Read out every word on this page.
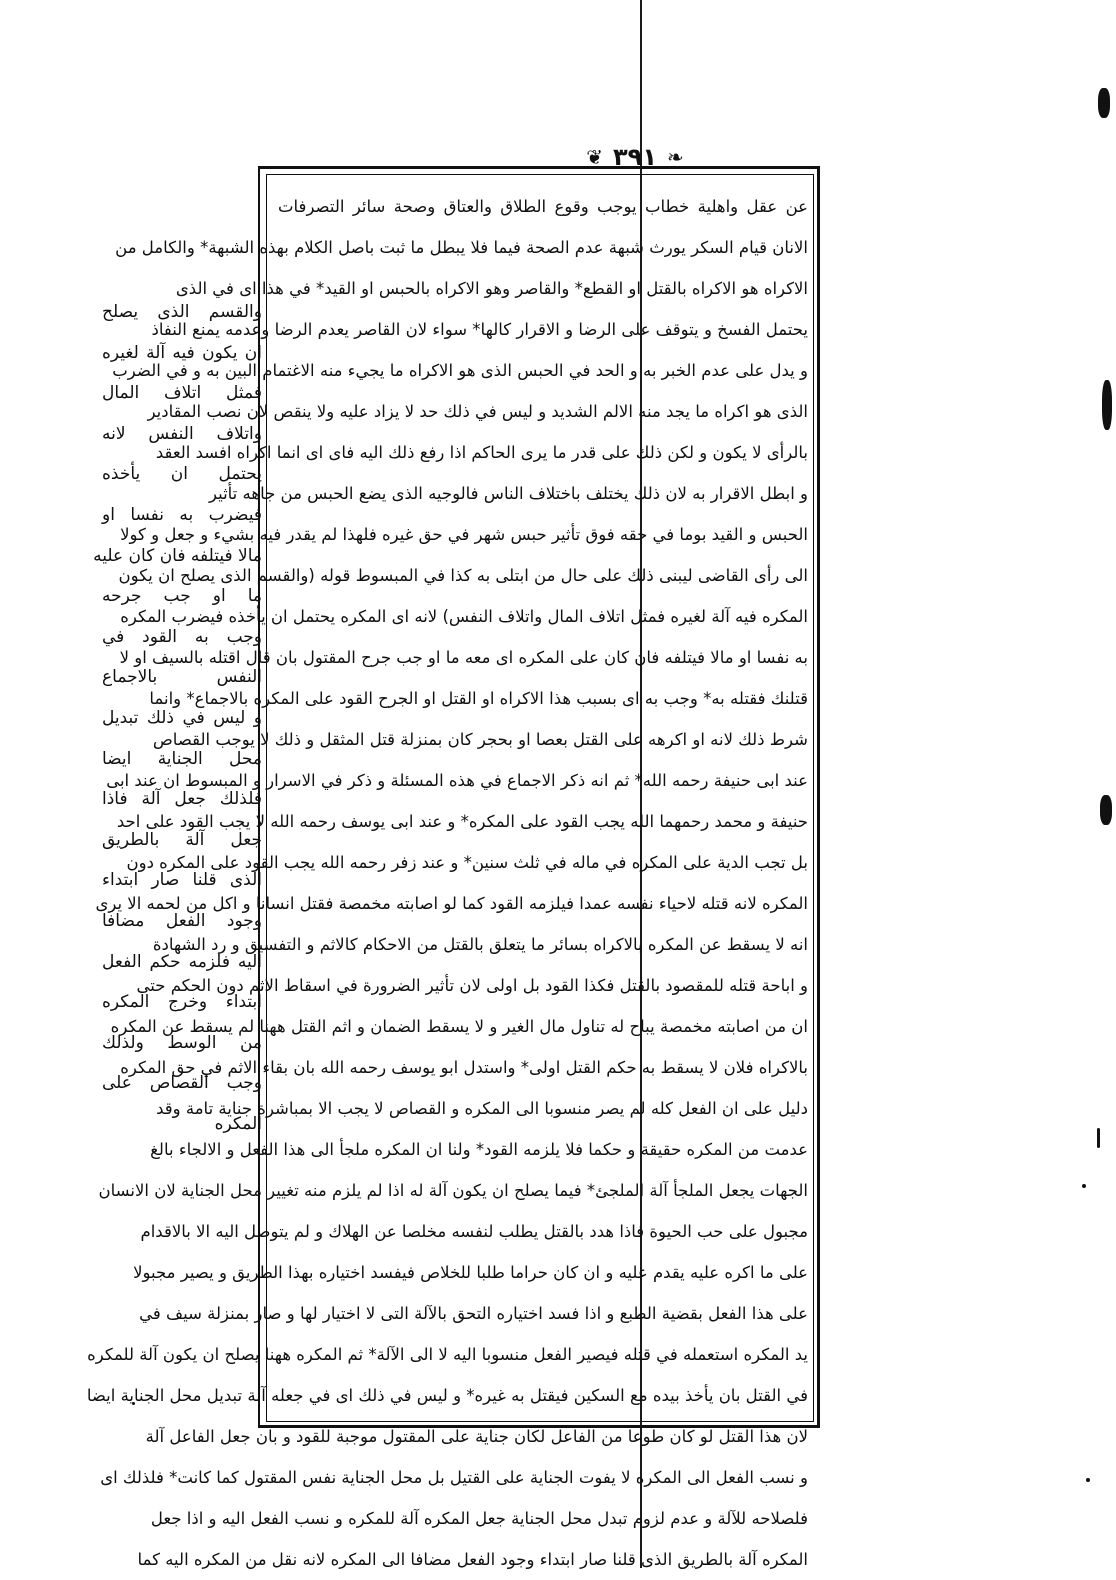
❦ ٣٩١ ❧
عن عقل واهلية خطاب يوجب وقوع الطلاق والعتاق وصحة سائر التصرفات
الانان قيام السكر يورث شبهة عدم الصحة فيما فلا يبطل ما ثبت باصل الكلام بهذه الشبهة* والكامل من
الاكراه هو الاكراه بالقتل او القطع* والقاصر وهو الاكراه بالحبس او القيد* في هذا اى في الذى
يحتمل الفسخ و يتوقف على الرضا و الاقرار كالها* سواء لان القاصر يعدم الرضا وعدمه يمنع النفاذ
و يدل على عدم الخبر به و الحد في الحبس الذى هو الاكراه ما يجيء منه الاغتمام البين به و في الضرب
الذى هو اكراه ما يجد منه الالم الشديد و ليس في ذلك حد لا يزاد عليه ولا ينقص لان نصب المقادير
بالرأى لا يكون و لكن ذلك على قدر ما يرى الحاكم اذا رفع ذلك اليه فاى اى انما اكراه افسد العقد
و ابطل الاقرار به لان ذلك يختلف باختلاف الناس فالوجيه الذى يضع الحبس من جاهه تأثير
الحبس و القيد بوما في حقه فوق تأثير حبس شهر في حق غيره فلهذا لم يقدر فيه بشيء و جعل و كولا
الى رأى القاضى ليبنى ذلك على حال من ابتلى به كذا في المبسوط قوله (والقسم الذى يصلح ان يكون
المكره فيه آلة لغيره فمثل اتلاف المال واتلاف النفس) لانه اى المكره يحتمل ان يأخذه فيضرب المكره
به نفسا او مالا فيتلفه فان كان على المكره اى معه ما او جب جرح المقتول بان قال اقتله بالسيف او لا
قتلنك فقتله به* وجب به اى بسبب هذا الاكراه او القتل او الجرح القود على المكره بالاجماع* وانما
شرط ذلك لانه او اكرهه على القتل بعصا او بحجر كان بمنزلة قتل المثقل و ذلك لا يوجب القصاص
عند ابى حنيفة رحمه الله* ثم انه ذكر الاجماع في هذه المسئلة و ذكر في الاسرار و المبسوط ان عند ابى
حنيفة و محمد رحمهما الله يجب القود على المكره* و عند ابى يوسف رحمه الله لا يجب القود على احد
بل تجب الدية على المكره في ماله في ثلث سنين* و عند زفر رحمه الله يجب القود على المكره دون
المكره لانه قتله لاحياء نفسه عمدا فيلزمه القود كما لو اصابته مخمصة فقتل انسانا و اكل من لحمه الا يرى
انه لا يسقط عن المكره بالاكراه بسائر ما يتعلق بالقتل من الاحكام كالاثم و التفسيق و رد الشهادة
و اباحة قتله للمقصود بالقتل فكذا القود بل اولى لان تأثير الضرورة في اسقاط الاثم دون الحكم حتى
ان من اصابته مخمصة يباح له تناول مال الغير و لا يسقط الضمان و اثم القتل ههنا لم يسقط عن المكره
بالاكراه فلان لا يسقط به حكم القتل اولى* واستدل ابو يوسف رحمه الله بان بقاء الاثم في حق المكره
دليل على ان الفعل كله لم يصر منسوبا الى المكره و القصاص لا يجب الا بمباشرة جناية تامة وقد
عدمت من المكره حقيقة و حكما فلا يلزمه القود* ولنا ان المكره ملجأ الى هذا الفعل و الالجاء بالغ
الجهات يجعل الملجأ آلة الملجئ* فيما يصلح ان يكون آلة له اذا لم يلزم منه تغيير محل الجناية لان الانسان
مجبول على حب الحيوة فاذا هدد بالقتل يطلب لنفسه مخلصا عن الهلاك و لم يتوصل اليه الا بالاقدام
على ما اكره عليه يقدم عليه و ان كان حراما طلبا للخلاص فيفسد اختياره بهذا الطريق و يصير مجبولا
على هذا الفعل بقضية الطبع و اذا فسد اختياره التحق بالآلة التى لا اختيار لها و صار بمنزلة سيف في
يد المكره استعمله في قتله فيصير الفعل منسوبا اليه لا الى الآلة* ثم المكره ههنا يصلح ان يكون آلة للمكره
في القتل بان يأخذ بيده مع السكين فيقتل به غيره* و ليس في ذلك اى في جعله آلة تبديل محل الجناية ايضا
لان هذا القتل لو كان طوعا من الفاعل لكان جناية على المقتول موجبة للقود و بان جعل الفاعل آلة
و نسب الفعل الى المكره لا يفوت الجناية على القتيل بل محل الجناية نفس المقتول كما كانت* فلذلك اى
فلصلاحه للآلة و عدم لزوم تبدل محل الجناية جعل المكره آلة للمكره و نسب الفعل اليه و اذا جعل
المكره آلة بالطريق الذى قلنا صار ابتداء وجود الفعل مضافا الى المكره لانه نقل من المكره اليه كما
والقسم الذى يصلح
ان يكون فيه آلة لغيره
فمثل اتلاف المال
واتلاف النفس لانه
يحتمل ان يأخذه
فيضرب به نفسا او
مالا فيتلفه فان كان عليه
ما او جب جرحه
وجب به القود في
النفس بالاجماع
و ليس في ذلك تبديل
محل الجناية ايضا
فلذلك جعل آلة فاذا
جعل آلة بالطريق
الذى قلنا صار ابتداء
وجود الفعل مضافا
اليه فلزمه حكم الفعل
ابتداء وخرج المكره
من الوسط ولذلك
وجب القصاص على
المكره
